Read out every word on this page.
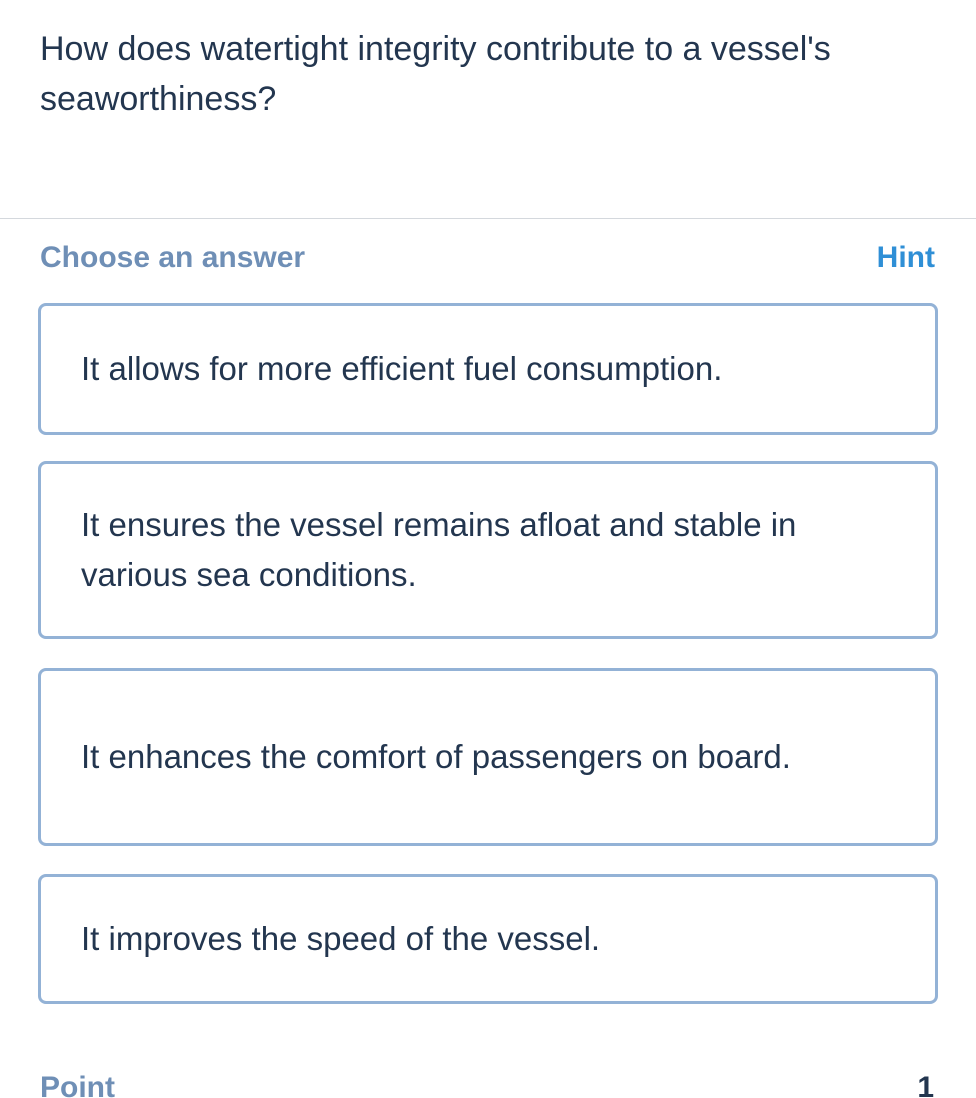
How does watertight integrity contribute to a vessel's seaworthiness?
Choose an answer	Hint
It allows for more efficient fuel consumption.
It ensures the vessel remains afloat and stable in various sea conditions.
It enhances the comfort of passengers on board.
It improves the speed of the vessel.
Point	1
